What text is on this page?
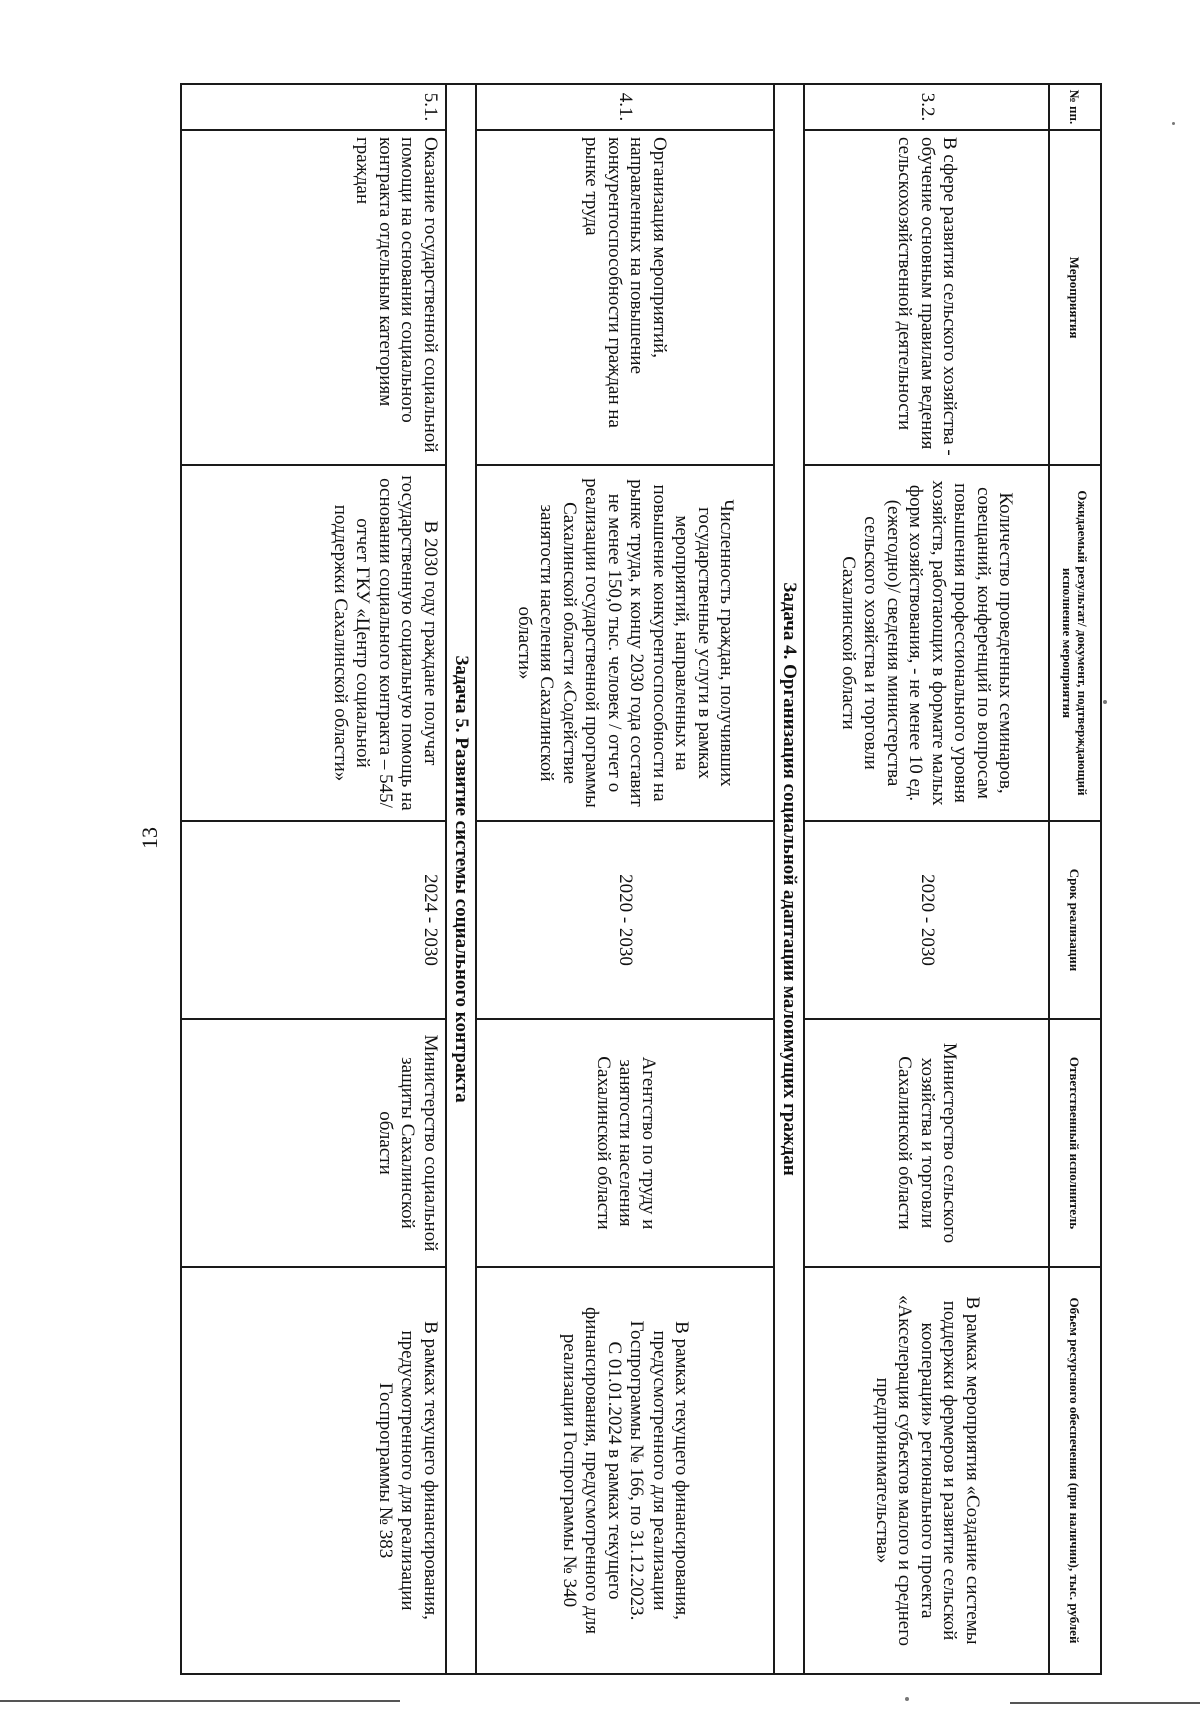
13
№ пп.	Мероприятия	Ожидаемый результат/ документ, подтверждающий исполнение мероприятия	Срок реализации	Ответственный исполнитель	Объем ресурсного обеспечения (при наличии), тыс. рублей
3.2.	В сфере развития сельского хозяйства - обучение основным правилам ведения сельскохозяйственной деятельности	Количество проведенных семинаров, совещаний, конференций по вопросам повышения профессионального уровня хозяйств, работающих в формате малых форм хозяйствования, - не менее 10 ед. (ежегодно)/ сведения министерства сельского хозяйства и торговли Сахалинской области	2020 - 2030	Министерство сельского хозяйства и торговли Сахалинской области	В рамках мероприятия «Создание системы поддержки фермеров и развитие сельской кооперации» регионального проекта «Акселерация субъектов малого и среднего предпринимательства»
Задача 4. Организация социальной адаптации малоимущих граждан					
4.1.	Организация мероприятий, направленных на повышение конкурентоспособности граждан на рынке труда	Численность граждан, получивших государственные услуги в рамках мероприятий, направленных на повышение конкурентоспособности на рынке труда, к концу 2030 года составит не менее 150,0 тыс. человек / отчет о реализации государственной программы Сахалинской области «Содействие занятости населения Сахалинской области»	2020 - 2030	Агентство по труду и занятости населения Сахалинской области	В рамках текущего финансирования, предусмотренного для реализации Госпрограммы № 166, по 31.12.2023.
С 01.01.2024 в рамках текущего финансирования, предусмотренного для реализации Госпрограммы № 340
Задача 5. Развитие системы социального контракта					
5.1.	Оказание государственной социальной помощи на основании социального контракта отдельным категориям граждан	В 2030 году граждане получат государственную социальную помощь на основании социального контракта – 545/ отчет ГКУ «Центр социальной поддержки Сахалинской области»	2024 - 2030	Министерство социальной защиты Сахалинской области	В рамках текущего финансирования, предусмотренного для реализации Госпрограммы № 383
